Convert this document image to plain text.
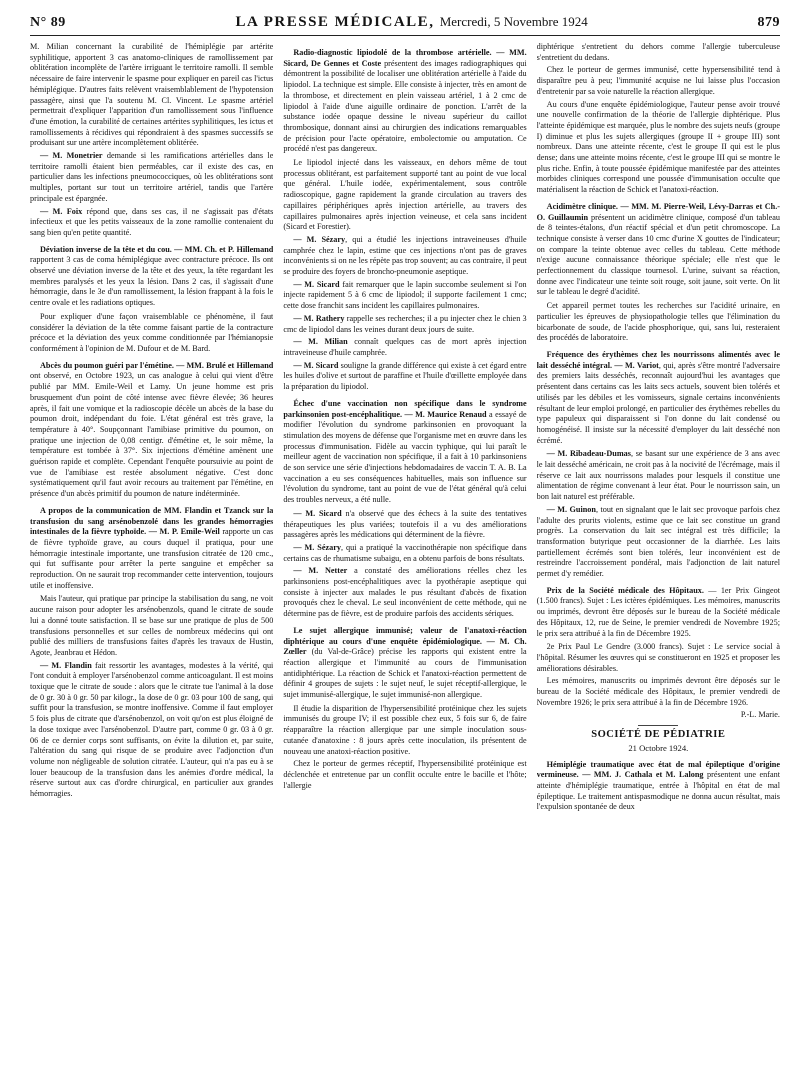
N° 89	LA PRESSE MÉDICALE, Mercredi, 5 Novembre 1924	879

M. Milian concernant la curabilité de l'hémiplégie par artérite syphilitique, apportent 3 cas anatomo-cliniques de ramollissement par oblitération incomplète de l'artère irriguant le territoire ramolli. Il semble nécessaire de faire intervenir le spasme pour expliquer en pareil cas l'ictus hémiplégique. D'autres faits relèvent vraisemblablement de l'hypotension passagère, ainsi que l'a soutenu M. Cl. Vincent. Le spasme artériel permettrait d'expliquer l'apparition d'un ramollissement sous l'influence d'une émotion, la curabilité de certaines artérites syphilitiques, les ictus et ramollissements à récidives qui répondraient à des spasmes successifs se produisant sur une artère incomplètement oblitérée.

— M. Monetrier demande si les ramifications artérielles dans le territoire ramolli étaient bien perméables, car il existe des cas, en particulier dans les infections pneumococciques, où les oblitérations sont multiples, portant sur tout un territoire artériel, tandis que l'artère principale est épargnée.

— M. Foix répond que, dans ses cas, il ne s'agissait pas d'états infectieux et que les petits vaisseaux de la zone ramollie contenaient du sang bien qu'en petite quantité.

Déviation inverse de la tête et du cou. — MM. Ch. et P. Hillemand rapportent 3 cas de coma hémiplégique avec contracture précoce. Ils ont observé une déviation inverse de la tête et des yeux, la tête regardant les membres paralysés et les yeux la lésion. Dans 2 cas, il s'agissait d'une hémorragie, dans le 3e d'un ramollissement, la lésion frappant à la fois le centre ovale et les radiations optiques.

Pour expliquer d'une façon vraisemblable ce phénomène, il faut considérer la déviation de la tête comme faisant partie de la contracture précoce et la déviation des yeux comme conditionnée par l'hémianopsie conformément à l'opinion de M. Dufour et de M. Bard.

Abcès du poumon guéri par l'émétine. — MM. Brulé et Hillemand ont observé, en Octobre 1923, un cas analogue à celui qui vient d'être publié par MM. Emile-Weil et Lamy. Un jeune homme est pris brusquement d'un point de côté intense avec fièvre élevée; 36 heures après, il fait une vomique et la radioscopie décèle un abcès de la base du poumon droit, indépendant du foie. L'état général est très grave, la température à 40°. Soupçonnant l'amibiase primitive du poumon, on pratique une injection de 0,08 centigr. d'émétine et, le soir même, la température est tombée à 37°. Six injections d'émétine amènent une guérison rapide et complète. Cependant l'enquête poursuivie au point de vue de l'amibiase est restée absolument négative. C'est donc systématiquement qu'il faut avoir recours au traitement par l'émétine, en présence d'un abcès primitif du poumon de nature indéterminée.

A propos de la communication de MM. Flandin et Tzanck sur la transfusion du sang arsénobenzolé dans les grandes hémorragies intestinales de la fièvre typhoïde. — M. P. Emile-Weil rapporte un cas de fièvre typhoïde grave, au cours duquel il pratiqua, pour une hémorragie intestinale importante, une transfusion citratée de 120 cmc., qui fut suffisante pour arrêter la perte sanguine et empêcher sa reproduction. On ne saurait trop recommander cette intervention, toujours utile et inoffensive.

Mais l'auteur, qui pratique par principe la stabilisation du sang, ne voit aucune raison pour adopter les arsénobenzols, quand le citrate de soude lui a donné toute satisfaction. Il se base sur une pratique de plus de 500 transfusions personnelles et sur celles de nombreux médecins qui ont publié des milliers de transfusions faites d'après les travaux de Hustin, Agote, Jeanbrau et Hédon.

— M. Flandin fait ressortir les avantages, modestes à la vérité, qui l'ont conduit à employer l'arsénobenzol comme anticoagulant. Il est moins toxique que le citrate de soude : alors que le citrate tue l'animal à la dose de 0 gr. 30 à 0 gr. 50 par kilogr., la dose de 0 gr. 03 pour 100 de sang, qui suffit pour la transfusion, se montre inoffensive. Comme il faut employer 5 fois plus de citrate que d'arsénobenzol, on voit qu'on est plus éloigné de la dose toxique avec l'arsénobenzol. D'autre part, comme 0 gr. 03 à 0 gr. 06 de ce dernier corps sont suffisants, on évite la dilution et, par suite, l'altération du sang qui risque de se produire avec l'adjonction d'un volume non négligeable de solution citratée. L'auteur, qui n'a pas eu à se louer beaucoup de la transfusion dans les anémies d'ordre médical, la réserve surtout aux cas d'ordre chirurgical, en particulier aux grandes hémorragies.

Radio-diagnostic lipiodolé de la thrombose artérielle. — MM. Sicard, De Gennes et Coste présentent des images radiographiques qui démontrent la possibilité de localiser une oblitération artérielle à l'aide du lipiodol. La technique est simple. Elle consiste à injecter, très en amont de la thrombose, et directement en plein vaisseau artériel, 1 à 2 cmc de lipiodol à l'aide d'une aiguille ordinaire de ponction. L'arrêt de la substance iodée opaque dessine le niveau supérieur du caillot thrombosique, donnant ainsi au chirurgien des indications remarquables de précision pour l'acte opératoire, embolectomie ou amputation. Ce procédé n'est pas dangereux.

Le lipiodol injecté dans les vaisseaux, en dehors même de tout processus oblitérant, est parfaitement supporté tant au point de vue local que général. L'huile iodée, expérimentalement, sous contrôle radioscopique, gagne rapidement la grande circulation au travers des capillaires périphériques après injection artérielle, au travers des capillaires pulmonaires après injection veineuse, et cela sans incident (Sicard et Forestier).

— M. Sézary, qui a étudié les injections intraveineuses d'huile camphrée chez le lapin, estime que ces injections n'ont pas de graves inconvénients si on ne les répète pas trop souvent; au cas contraire, il peut se produire des foyers de broncho-pneumonie aseptique.

— M. Sicard fait remarquer que le lapin succombe seulement si l'on injecte rapidement 5 à 6 cmc de lipiodol; il supporte facilement 1 cmc; cette dose franchit sans incident les capillaires pulmonaires.

— M. Rathery rappelle ses recherches; il a pu injecter chez le chien 3 cmc de lipiodol dans les veines durant deux jours de suite.

— M. Milian connaît quelques cas de mort après injection intraveineuse d'huile camphrée.

— M. Sicard souligne la grande différence qui existe à cet égard entre les huiles d'olive et surtout de paraffine et l'huile d'œillette employée dans la préparation du lipiodol.

Échec d'une vaccination non spécifique dans le syndrome parkinsonien post-encéphalitique. — M. Maurice Renaud a essayé de modifier l'évolution du syndrome parkinsonien en provoquant la stimulation des moyens de défense que l'organisme met en œuvre dans les processus d'immunisation. Fidèle au vaccin typhique, qui lui paraît le meilleur agent de vaccination non spécifique, il a fait à 10 parkinsoniens de son service une série d'injections hebdomadaires de vaccin T. A. B. La vaccination a eu ses conséquences habituelles, mais son influence sur l'évolution du syndrome, tant au point de vue de l'état général qu'à celui des troubles nerveux, a été nulle.

— M. Sicard n'a observé que des échecs à la suite des tentatives thérapeutiques les plus variées; toutefois il a vu des améliorations passagères après les médications qui déterminent de la fièvre.

— M. Sézary, qui a pratiqué la vaccinothérapie non spécifique dans certains cas de rhumatisme subaigu, en a obtenu parfois de bons résultats.

— M. Netter a constaté des améliorations réelles chez les parkinsoniens post-encéphalitiques avec la pyothérapie aseptique qui consiste à injecter aux malades le pus résultant d'abcès de fixation provoqués chez le cheval. Le seul inconvénient de cette méthode, qui ne détermine pas de fièvre, est de produire parfois des accidents sériques.

Le sujet allergique immunisé; valeur de l'anatoxi-réaction diphtérique au cours d'une enquête épidémiologique. — M. Ch. Zœller (du Val-de-Grâce) précise les rapports qui existent entre la réaction allergique et l'immunité au cours de l'immunisation antidiphtérique. La réaction de Schick et l'anatoxi-réaction permettent de définir 4 groupes de sujets : le sujet neuf, le sujet réceptif-allergique, le sujet immunisé-allergique, le sujet immunisé-non allergique.

Il étudie la disparition de l'hypersensibilité protéinique chez les sujets immunisés du groupe IV; il est possible chez eux, 5 fois sur 6, de faire réapparaître la réaction allergique par une simple inoculation sous-cutanée d'anatoxine : 8 jours après cette inoculation, ils présentent de nouveau une anatoxi-réaction positive.

Chez le porteur de germes réceptif, l'hypersensibilité protéinique est déclenchée et entretenue par un conflit occulte entre le bacille et l'hôte; l'allergie

diphtérique s'entretient du dehors comme l'allergie tuberculeuse s'entretient du dedans.

Chez le porteur de germes immunisé, cette hypersensibilité tend à disparaître peu à peu; l'immunité acquise ne lui laisse plus l'occasion d'entretenir par sa voie naturelle la réaction allergique.

Au cours d'une enquête épidémiologique, l'auteur pense avoir trouvé une nouvelle confirmation de la théorie de l'allergie diphtérique. Plus l'atteinte épidémique est marquée, plus le nombre des sujets neufs (groupe I) diminue et plus les sujets allergiques (groupe II + groupe III) sont nombreux. Dans une atteinte récente, c'est le groupe II qui est le plus dense; dans une atteinte moins récente, c'est le groupe III qui se montre le plus riche. Enfin, à toute poussée épidémique manifestée par des atteintes morbides cliniques correspond une poussée d'immunisation occulte que matérialisent la réaction de Schick et l'anatoxi-réaction.

Acidimètre clinique. — MM. M. Pierre-Weil, Lévy-Darras et Ch.-O. Guillaumin présentent un acidimètre clinique, composé d'un tableau de 8 teintes-étalons, d'un réactif spécial et d'un petit chromoscope. La technique consiste à verser dans 10 cmc d'urine X gouttes de l'indicateur; on compare la teinte obtenue avec celles du tableau. Cette méthode n'exige aucune connaissance théorique spéciale; elle n'est que le perfectionnement du classique tournesol. L'urine, suivant sa réaction, donne avec l'indicateur une teinte soit rouge, soit jaune, soit verte. On lit sur le tableau le degré d'acidité.

Cet appareil permet toutes les recherches sur l'acidité urinaire, en particulier les épreuves de physiopathologie telles que l'élimination du bicarbonate de soude, de l'acide phosphorique, qui, sans lui, resteraient des procédés de laboratoire.

Fréquence des érythèmes chez les nourrissons alimentés avec le lait desséché intégral. — M. Variot, qui, après s'être montré l'adversaire des premiers laits desséchés, reconnaît aujourd'hui les avantages que présentent dans certains cas les laits secs actuels, souvent bien tolérés et utilisés par les débiles et les vomisseurs, signale certains inconvénients résultant de leur emploi prolongé, en particulier des érythèmes rebelles du type papuleux qui disparaissent si l'on donne du lait condensé ou homogénéisé. Il insiste sur la nécessité d'employer du lait desséché non écrémé.

— M. Ribadeau-Dumas, se basant sur une expérience de 3 ans avec le lait desséché américain, ne croit pas à la nocivité de l'écrémage, mais il réserve ce lait aux nourrissons malades pour lesquels il constitue une alimentation de régime convenant à leur état. Pour le nourrisson sain, un bon lait naturel est préférable.

— M. Guinon, tout en signalant que le lait sec provoque parfois chez l'adulte des prurits violents, estime que ce lait sec constitue un grand progrès. La conservation du lait sec intégral est très difficile; la transformation butyrique peut occasionner de la diarrhée. Les laits partiellement écrémés sont bien tolérés, leur inconvénient est de restreindre l'accroissement pondéral, mais l'adjonction de lait naturel permet d'y remédier.

Prix de la Société médicale des Hôpitaux. — 1er Prix Gingeot (1.500 francs). Sujet : Les ictères épidémiques. Les mémoires, manuscrits ou imprimés, devront être déposés sur le bureau de la Société médicale des Hôpitaux, 12, rue de Seine, le premier vendredi de Novembre 1925; le prix sera attribué à la fin de Décembre 1925.

2e Prix Paul Le Gendre (3.000 francs). Sujet : Le service social à l'hôpital. Résumer les œuvres qui se constitueront en 1925 et proposer les améliorations désirables.

Les mémoires, manuscrits ou imprimés devront être déposés sur le bureau de la Société médicale des Hôpitaux, le premier vendredi de Novembre 1926; le prix sera attribué à la fin de Décembre 1926.

P.-L. Marie.

SOCIÉTÉ DE PÉDIATRIE

21 Octobre 1924.

Hémiplégie traumatique avec état de mal épileptique d'origine vermineuse. — MM. J. Cathala et M. Lalong présentent une enfant atteinte d'hémiplégie traumatique, entrée à l'hôpital en état de mal épileptique. Le traitement antispasmodique ne donna aucun résultat, mais l'expulsion spontanée de deux
